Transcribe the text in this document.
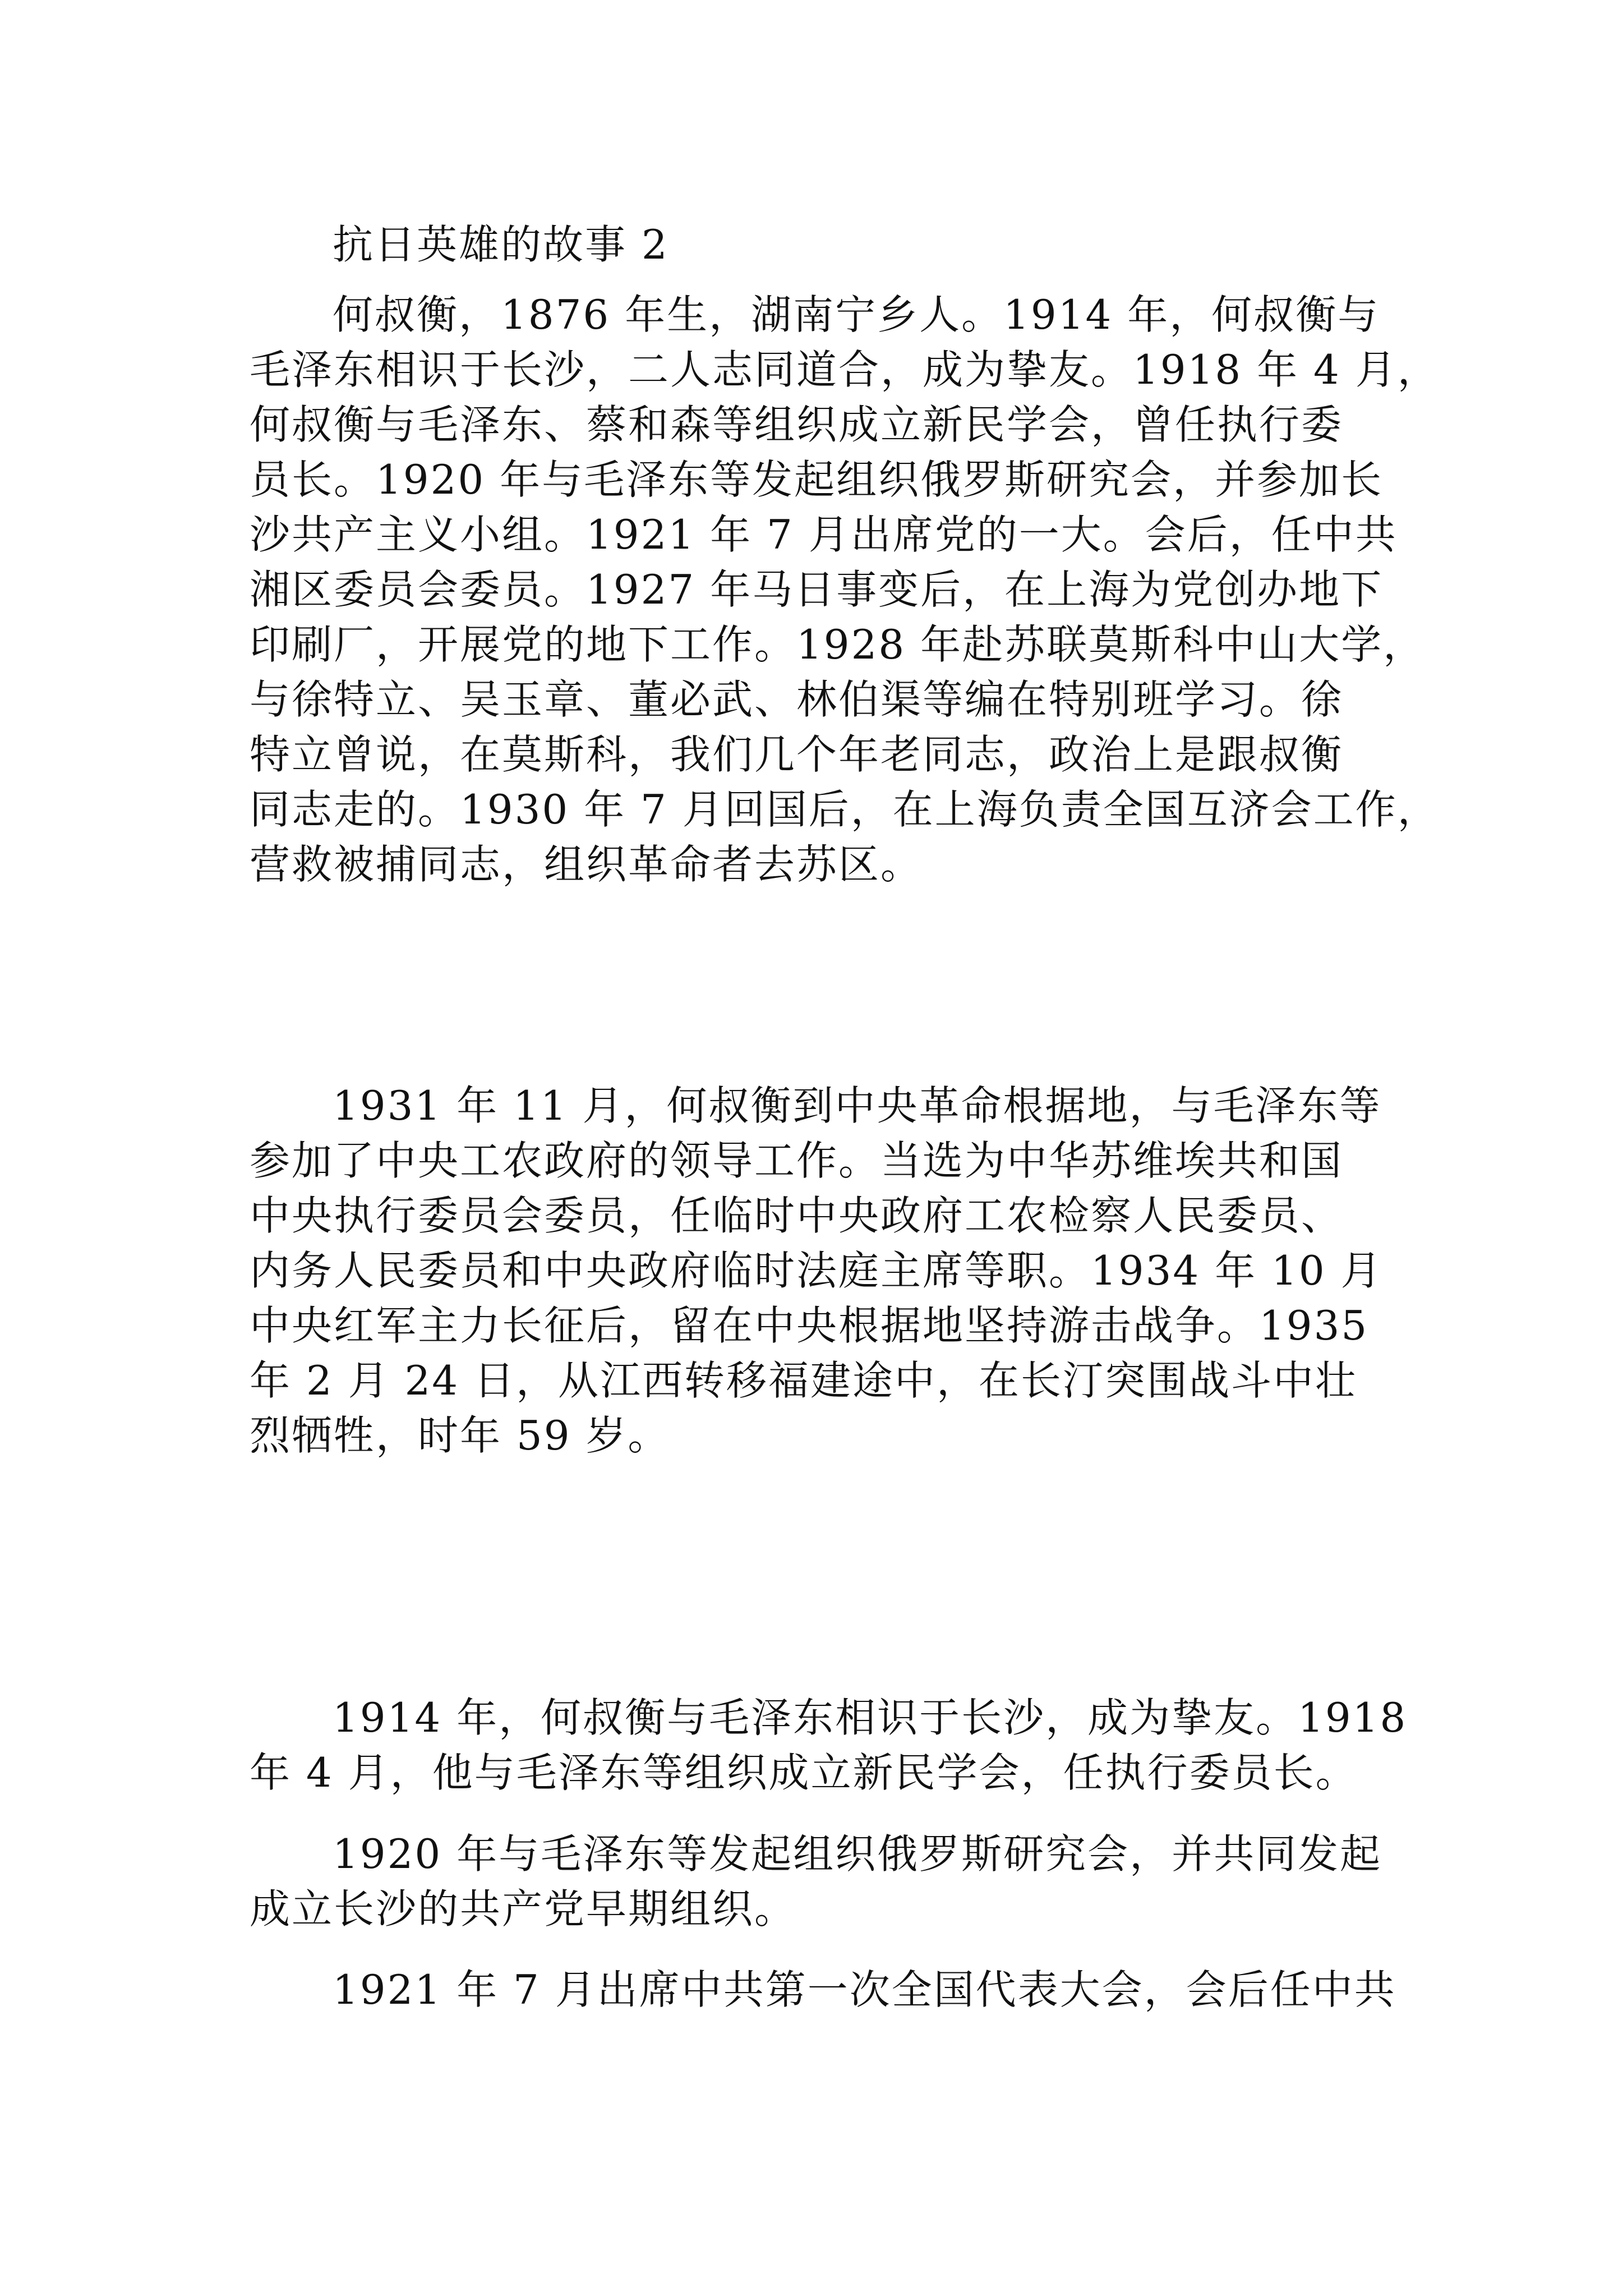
抗日英雄的故事 2
何叔衡，1876 年生，湖南宁乡人。1914 年，何叔衡与
毛泽东相识于长沙，二人志同道合，成为挚友。1918 年 4 月，
何叔衡与毛泽东、蔡和森等组织成立新民学会，曾任执行委
员长。1920 年与毛泽东等发起组织俄罗斯研究会，并参加长
沙共产主义小组。1921 年 7 月出席党的一大。会后，任中共
湘区委员会委员。1927 年马日事变后，在上海为党创办地下
印刷厂，开展党的地下工作。1928 年赴苏联莫斯科中山大学，
与徐特立、吴玉章、董必武、林伯渠等编在特别班学习。徐
特立曾说，在莫斯科，我们几个年老同志，政治上是跟叔衡
同志走的。1930 年 7 月回国后，在上海负责全国互济会工作，
营救被捕同志，组织革命者去苏区。
1931 年 11 月，何叔衡到中央革命根据地，与毛泽东等
参加了中央工农政府的领导工作。当选为中华苏维埃共和国
中央执行委员会委员，任临时中央政府工农检察人民委员、
内务人民委员和中央政府临时法庭主席等职。1934 年 10 月
中央红军主力长征后，留在中央根据地坚持游击战争。1935
年 2 月 24 日，从江西转移福建途中，在长汀突围战斗中壮
烈牺牲，时年 59 岁。
1914 年，何叔衡与毛泽东相识于长沙，成为挚友。1918
年 4 月，他与毛泽东等组织成立新民学会，任执行委员长。
1920 年与毛泽东等发起组织俄罗斯研究会，并共同发起
成立长沙的共产党早期组织。
1921 年 7 月出席中共第一次全国代表大会，会后任中共
